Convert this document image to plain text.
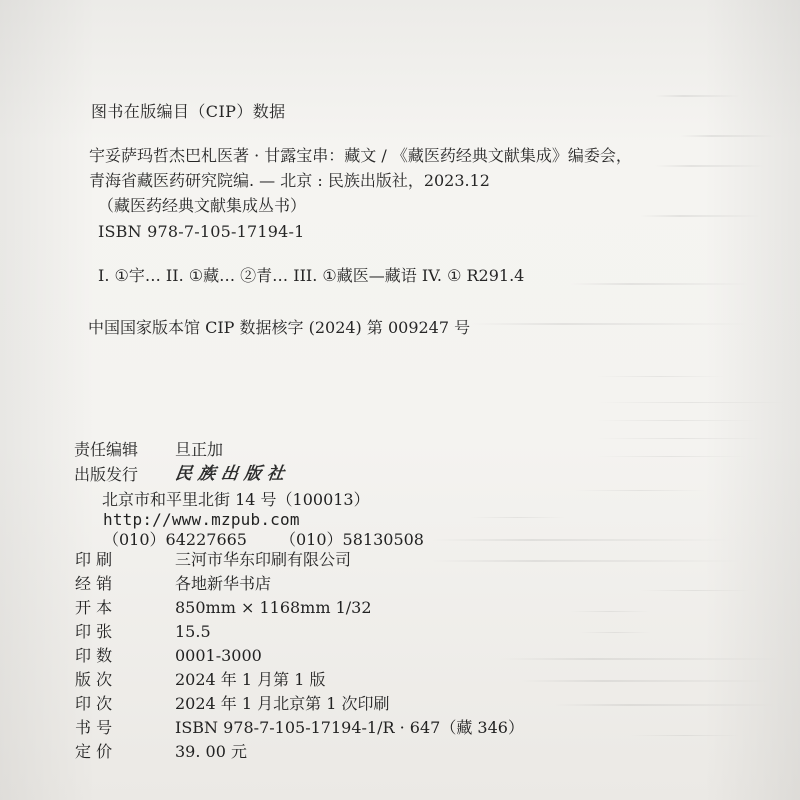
图书在版编目（CIP）数据
宇妥萨玛哲杰巴札医著 · 甘露宝串：藏文 / 《藏医药经典文献集成》编委会，
青海省藏医药研究院编. — 北京 : 民族出版社，2023.12
（藏医药经典文献集成丛书）
ISBN 978-7-105-17194-1
I. ①宇… II. ①藏… ②青… III. ①藏医—藏语 IV. ① R291.4
中国国家版本馆 CIP 数据核字 (2024) 第 009247 号
责任编辑 旦正加
出版发行 民族出版社
北京市和平里北街 14 号（100013）
http://www.mzpub.com
（010）64227665 （010）58130508
印 刷	三河市华东印刷有限公司
经 销	各地新华书店
开 本	850mm × 1168mm 1/32
印 张	15.5
印 数	0001-3000
版 次	2024 年 1 月第 1 版
印 次	2024 年 1 月北京第 1 次印刷
书 号	ISBN 978-7-105-17194-1/R · 647（藏 346）
定 价	39. 00 元
